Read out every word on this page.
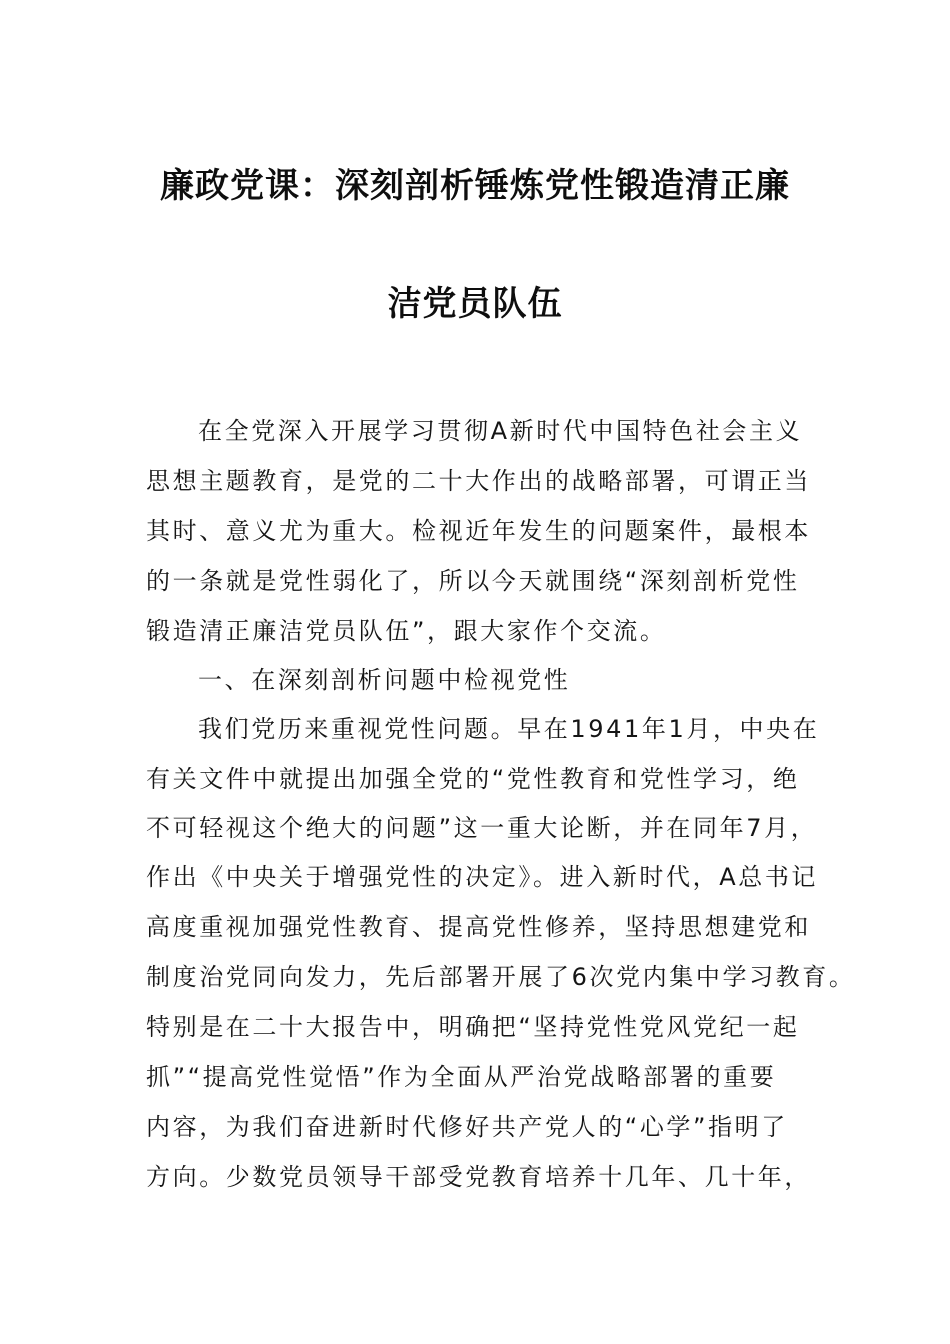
廉政党课：深刻剖析锤炼党性锻造清正廉
洁党员队伍
在全党深入开展学习贯彻A新时代中国特色社会主义
思想主题教育，是党的二十大作出的战略部署，可谓正当
其时、意义尤为重大。检视近年发生的问题案件，最根本
的一条就是党性弱化了，所以今天就围绕“深刻剖析党性
锻造清正廉洁党员队伍”，跟大家作个交流。
一、在深刻剖析问题中检视党性
我们党历来重视党性问题。早在1941年1月，中央在
有关文件中就提出加强全党的“党性教育和党性学习，绝
不可轻视这个绝大的问题”这一重大论断，并在同年7月，
作出《中央关于增强党性的决定》。进入新时代，A总书记
高度重视加强党性教育、提高党性修养，坚持思想建党和
制度治党同向发力，先后部署开展了6次党内集中学习教育。
特别是在二十大报告中，明确把“坚持党性党风党纪一起
抓”“提高党性觉悟”作为全面从严治党战略部署的重要
内容，为我们奋进新时代修好共产党人的“心学”指明了
方向。少数党员领导干部受党教育培养十几年、几十年，
